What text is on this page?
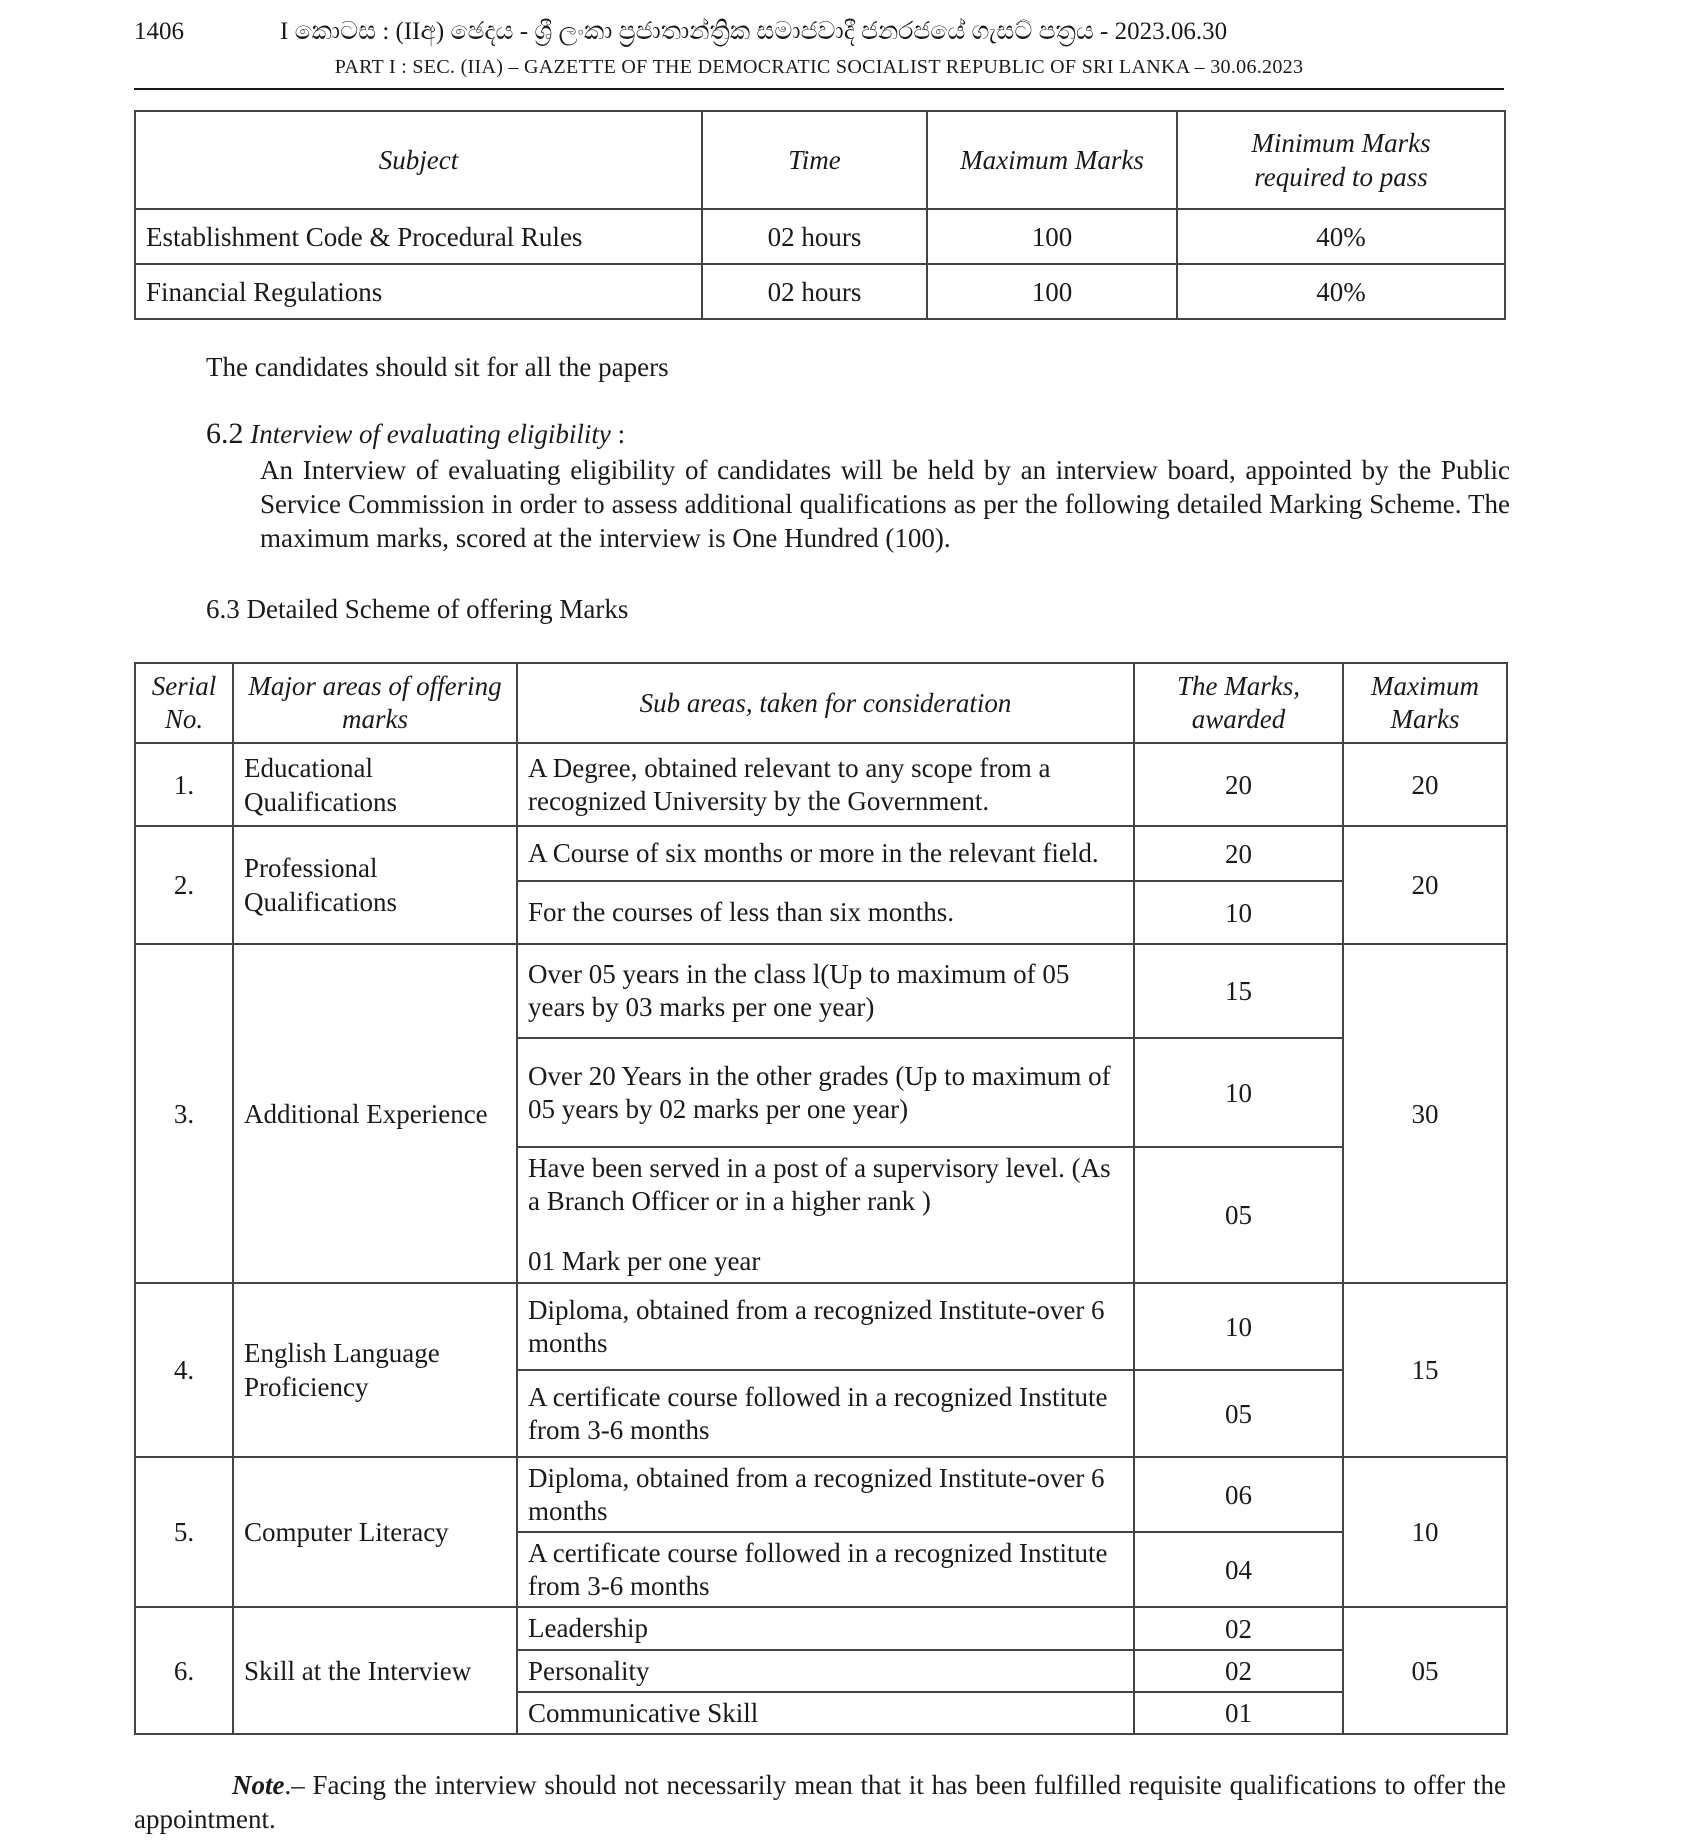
1406	I කොටස : (IIඅ) ඡෙදය - ශ්‍රී ලංකා ප්‍රජාතාන්ත්‍රික සමාජවාදී ජනරජයේ ගැසට් පත්‍රය - 2023.06.30
PART I : SEC. (IIA) – GAZETTE OF THE DEMOCRATIC SOCIALIST REPUBLIC OF SRI LANKA – 30.06.2023
Subject	Time	Maximum Marks	Minimum Marks required to pass
Establishment Code & Procedural Rules	02 hours	100	40%
Financial Regulations	02 hours	100	40%
The candidates should sit for all the papers
6.2 Interview of evaluating eligibility :
An Interview of evaluating eligibility of candidates will be held by an interview board, appointed by the Public Service Commission in order to assess additional qualifications as per the following detailed Marking Scheme. The maximum marks, scored at the interview is One Hundred (100).
6.3 Detailed Scheme of offering Marks
Serial No.	Major areas of offering marks	Sub areas, taken for consideration	The Marks, awarded	Maximum Marks
1.	Educational Qualifications	A Degree, obtained relevant to any scope from a recognized University by the Government.	20	20
2.	Professional Qualifications	A Course of six months or more in the relevant field.	20	20
		For the courses of less than six months.	10	
3.	Additional Experience	Over 05 years in the class l(Up to maximum of 05 years by 03 marks per one year)	15	30
		Over 20 Years in the other grades (Up to maximum of 05 years by 02 marks per one year)	10	

		Have been served in a post of a supervisory level. (As a Branch Officer or in a higher rank )
01 Mark per one year	05	
4.	English Language Proficiency	Diploma, obtained from a recognized Institute-over 6 months	10	15
		A certificate course followed in a recognized Institute from 3-6 months	05	
5.	Computer Literacy	Diploma, obtained from a recognized Institute-over 6 months	06	10
		A certificate course followed in a recognized Institute from 3-6 months	04	
6.	Skill at the Interview	Leadership	02	05
		Personality	02	
		Communicative Skill	01	
Note.– Facing the interview should not necessarily mean that it has been fulfilled requisite qualifications to offer the appointment.
